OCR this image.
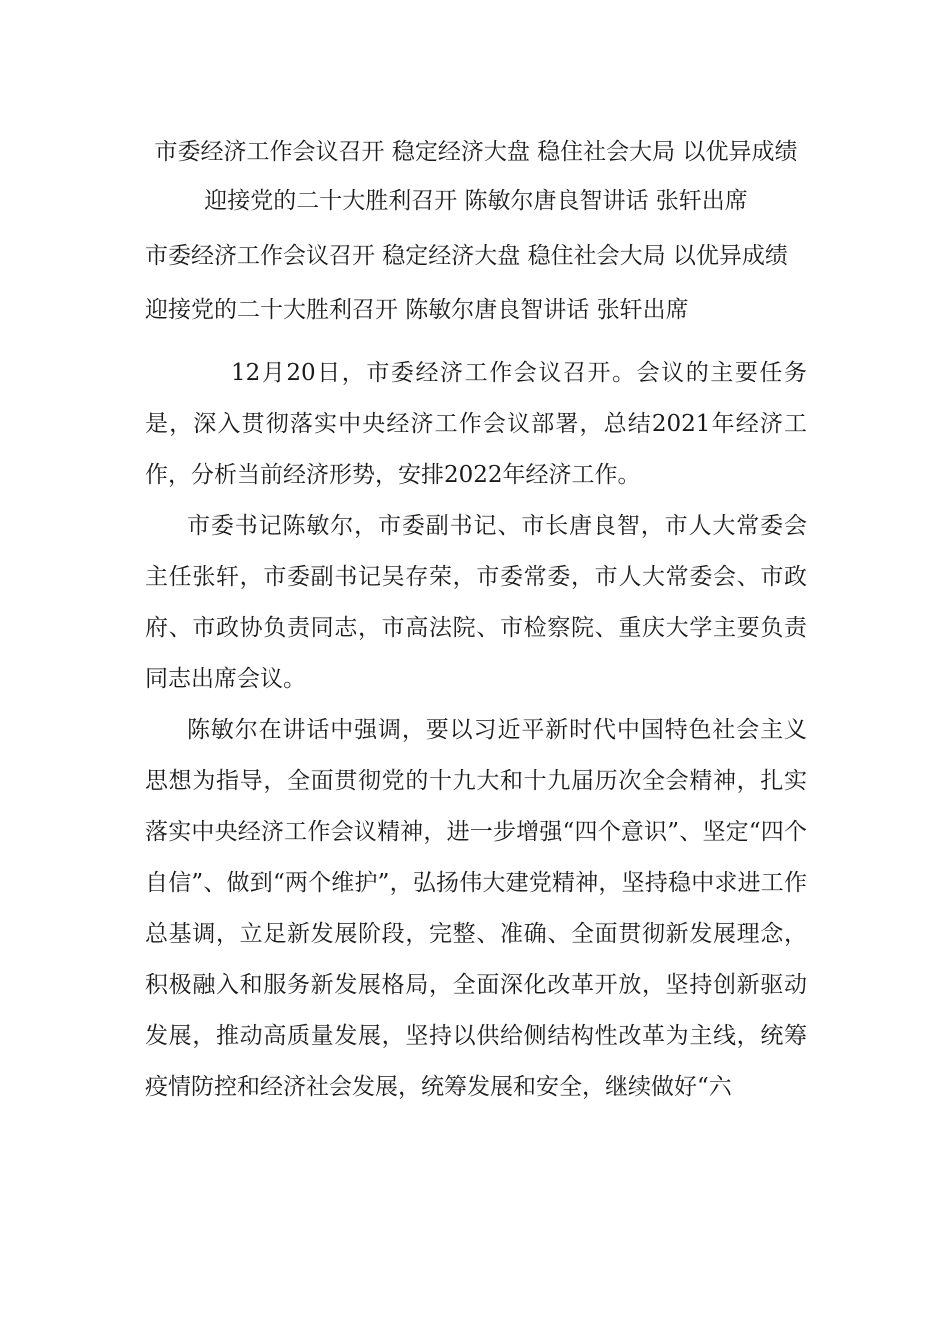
市委经济工作会议召开 稳定经济大盘 稳住社会大局 以优异成绩迎接党的二十大胜利召开 陈敏尔唐良智讲话 张轩出席

市委经济工作会议召开 稳定经济大盘 稳住社会大局 以优异成绩迎接党的二十大胜利召开 陈敏尔唐良智讲话 张轩出席

12月20日，市委经济工作会议召开。会议的主要任务是，深入贯彻落实中央经济工作会议部署，总结2021年经济工作，分析当前经济形势，安排2022年经济工作。

市委书记陈敏尔，市委副书记、市长唐良智，市人大常委会主任张轩，市委副书记吴存荣，市委常委，市人大常委会、市政府、市政协负责同志，市高法院、市检察院、重庆大学主要负责同志出席会议。

陈敏尔在讲话中强调，要以习近平新时代中国特色社会主义思想为指导，全面贯彻党的十九大和十九届历次全会精神，扎实落实中央经济工作会议精神，进一步增强“四个意识”、坚定“四个自信”、做到“两个维护”，弘扬伟大建党精神，坚持稳中求进工作总基调，立足新发展阶段，完整、准确、全面贯彻新发展理念，积极融入和服务新发展格局，全面深化改革开放，坚持创新驱动发展，推动高质量发展，坚持以供给侧结构性改革为主线，统筹疫情防控和经济社会发展，统筹发展和安全，继续做好“六
